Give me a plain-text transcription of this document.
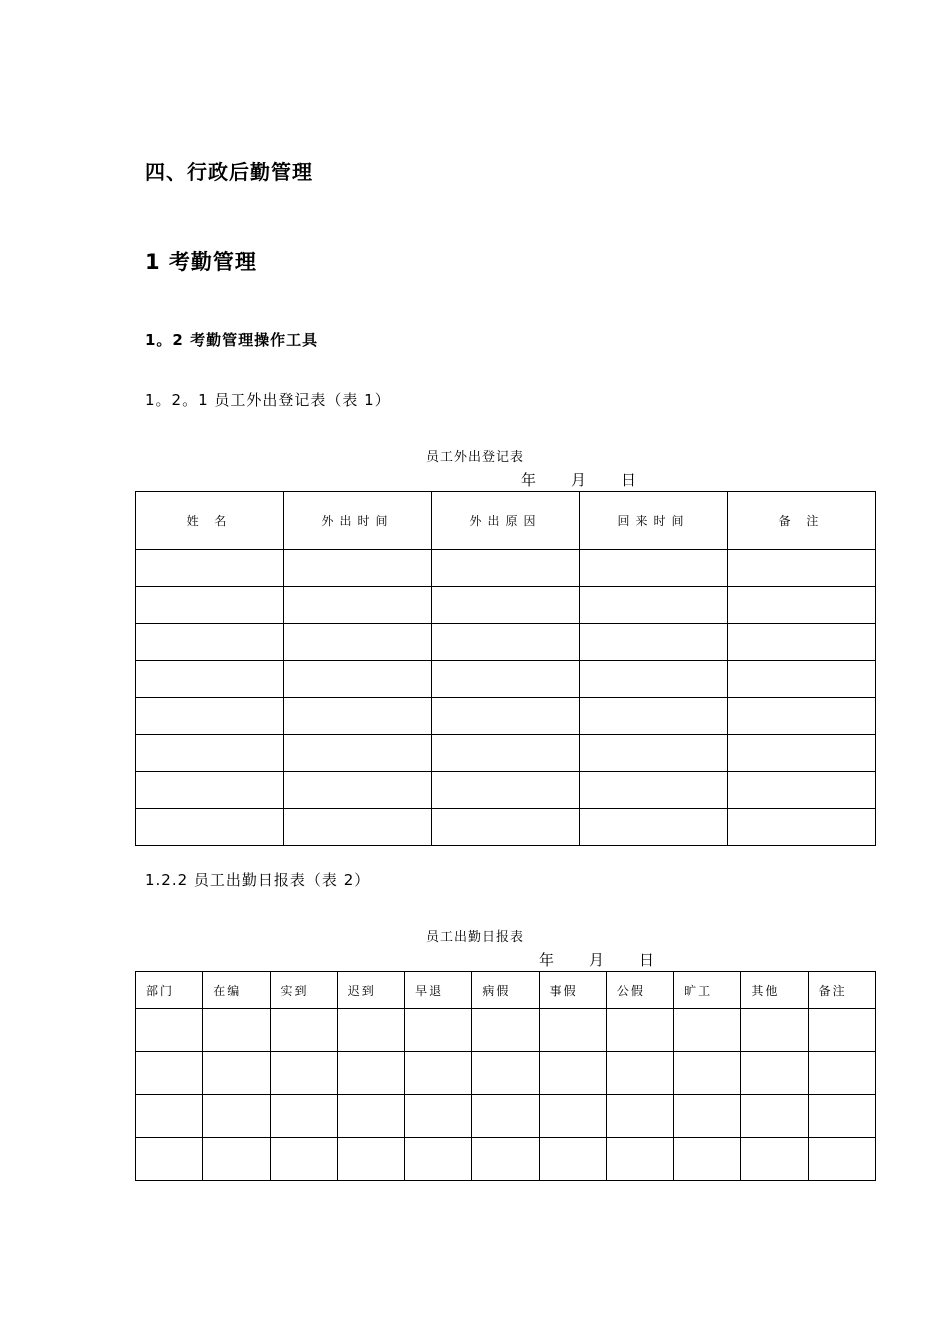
四、行政后勤管理
1 考勤管理
1。2 考勤管理操作工具
1。2。1 员工外出登记表（表 1）
员工外出登记表
年 月 日
姓 名	外出时间	外出原因	回来时间	备 注

1.2.2 员工出勤日报表（表 2）
员工出勤日报表
年 月 日
部门	在编	实到	迟到	早退	病假	事假	公假	旷工	其他	备注
